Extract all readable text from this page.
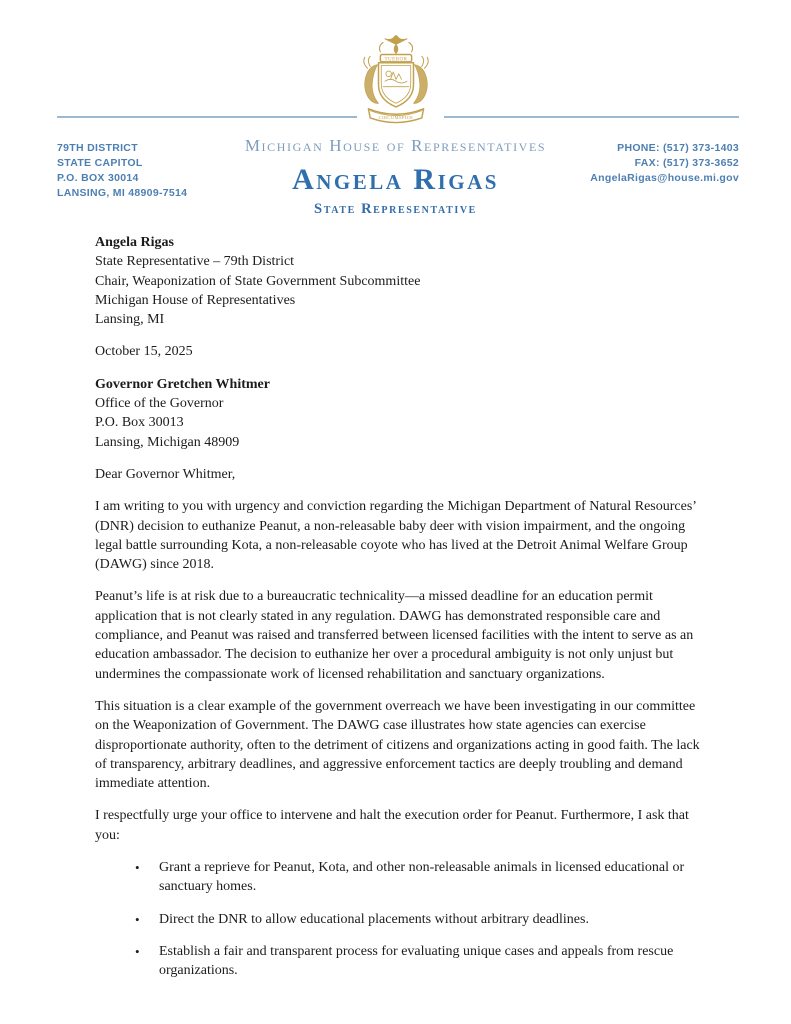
TUEBOR
CIRCUMSPICE
79TH DISTRICT
STATE CAPITOL
P.O. BOX 30014
LANSING, MI 48909-7514
Michigan House of Representatives
Angela Rigas
State Representative
PHONE: (517) 373-1403
FAX: (517) 373-3652
AngelaRigas@house.mi.gov
Angela Rigas
State Representative – 79th District
Chair, Weaponization of State Government Subcommittee
Michigan House of Representatives
Lansing, MI
October 15, 2025
Governor Gretchen Whitmer
Office of the Governor
P.O. Box 30013
Lansing, Michigan 48909

Dear Governor Whitmer,

I am writing to you with urgency and conviction regarding the Michigan Department of Natural Resources’ (DNR) decision to euthanize Peanut, a non-releasable baby deer with vision impairment, and the ongoing legal battle surrounding Kota, a non-releasable coyote who has lived at the Detroit Animal Welfare Group (DAWG) since 2018.

Peanut’s life is at risk due to a bureaucratic technicality—a missed deadline for an education permit application that is not clearly stated in any regulation. DAWG has demonstrated responsible care and compliance, and Peanut was raised and transferred between licensed facilities with the intent to serve as an education ambassador. The decision to euthanize her over a procedural ambiguity is not only unjust but undermines the compassionate work of licensed rehabilitation and sanctuary organizations.

This situation is a clear example of the government overreach we have been investigating in our committee on the Weaponization of Government. The DAWG case illustrates how state agencies can exercise disproportionate authority, often to the detriment of citizens and organizations acting in good faith. The lack of transparency, arbitrary deadlines, and aggressive enforcement tactics are deeply troubling and demand immediate attention.

I respectfully urge your office to intervene and halt the execution order for Peanut. Furthermore, I ask that you:

•	Grant a reprieve for Peanut, Kota, and other non-releasable animals in licensed educational or sanctuary homes.
•	Direct the DNR to allow educational placements without arbitrary deadlines.
•	Establish a fair and transparent process for evaluating unique cases and appeals from rescue organizations.
